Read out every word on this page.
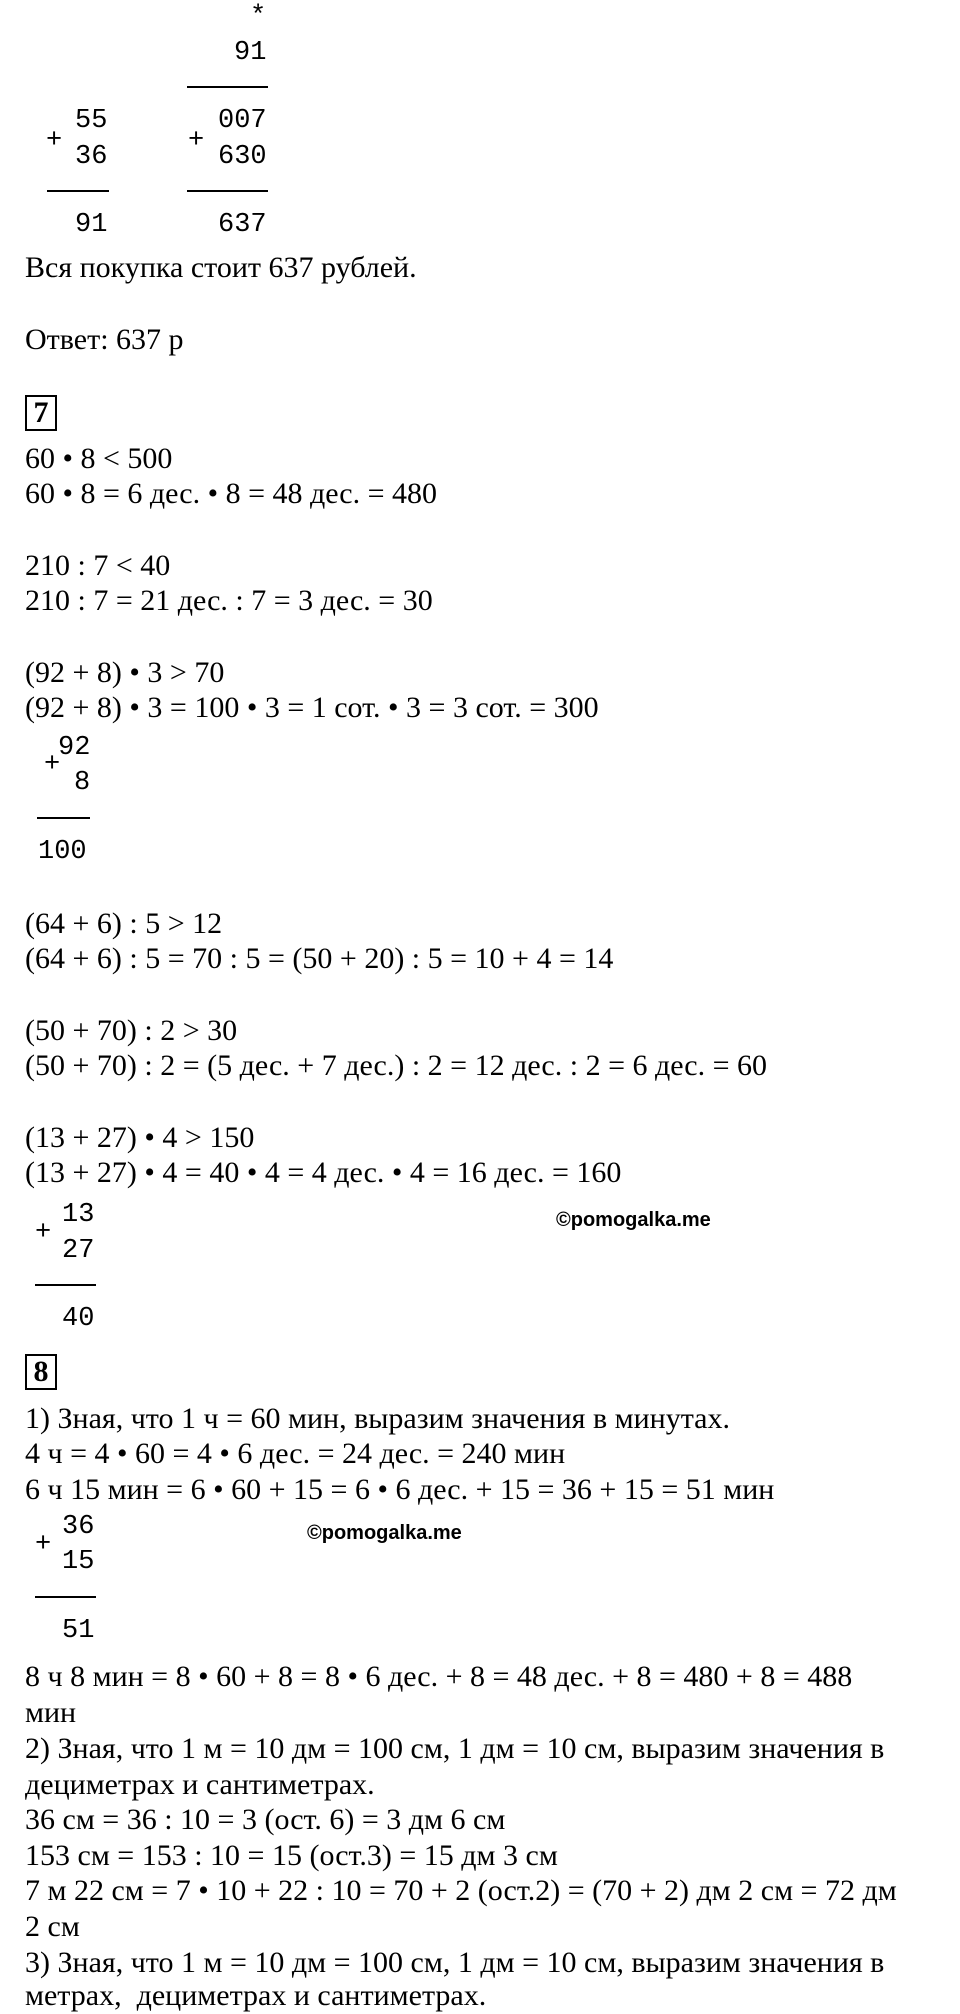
*
91
+
55
36
91
+
007
630
637
Вся покупка стоит 637 рублей.
Ответ: 637 р
7
60 • 8 < 500
60 • 8 = 6 дес. • 8 = 48 дес. = 480
210 : 7 < 40
210 : 7 = 21 дес. : 7 = 3 дес. = 30
(92 + 8) • 3 > 70
(92 + 8) • 3 = 100 • 3 = 1 сот. • 3 = 3 сот. = 300
+
92
8
100
(64 + 6) : 5 > 12
(64 + 6) : 5 = 70 : 5 = (50 + 20) : 5 = 10 + 4 = 14
(50 + 70) : 2 > 30
(50 + 70) : 2 = (5 дес. + 7 дес.) : 2 = 12 дес. : 2 = 6 дес. = 60
(13 + 27) • 4 > 150
(13 + 27) • 4 = 40 • 4 = 4 дес. • 4 = 16 дес. = 160
+
13
27
40
©pomogalka.me
8
1) Зная, что 1 ч = 60 мин, выразим значения в минутах.
4 ч = 4 • 60 = 4 • 6 дес. = 24 дес. = 240 мин
6 ч 15 мин = 6 • 60 + 15 = 6 • 6 дес. + 15 = 36 + 15 = 51 мин
+
36
15
51
©pomogalka.me
8 ч 8 мин = 8 • 60 + 8 = 8 • 6 дес. + 8 = 48 дес. + 8 = 480 + 8 = 488
мин
2) Зная, что 1 м = 10 дм = 100 см, 1 дм = 10 см, выразим значения в
дециметрах и сантиметрах.
36 см = 36 : 10 = 3 (ост. 6) = 3 дм 6 см
153 см = 153 : 10 = 15 (ост.3) = 15 дм 3 см
7 м 22 см = 7 • 10 + 22 : 10 = 70 + 2 (ост.2) = (70 + 2) дм 2 см = 72 дм
2 см
3) Зная, что 1 м = 10 дм = 100 см, 1 дм = 10 см, выразим значения в
метрах,  дециметрах и сантиметрах.
